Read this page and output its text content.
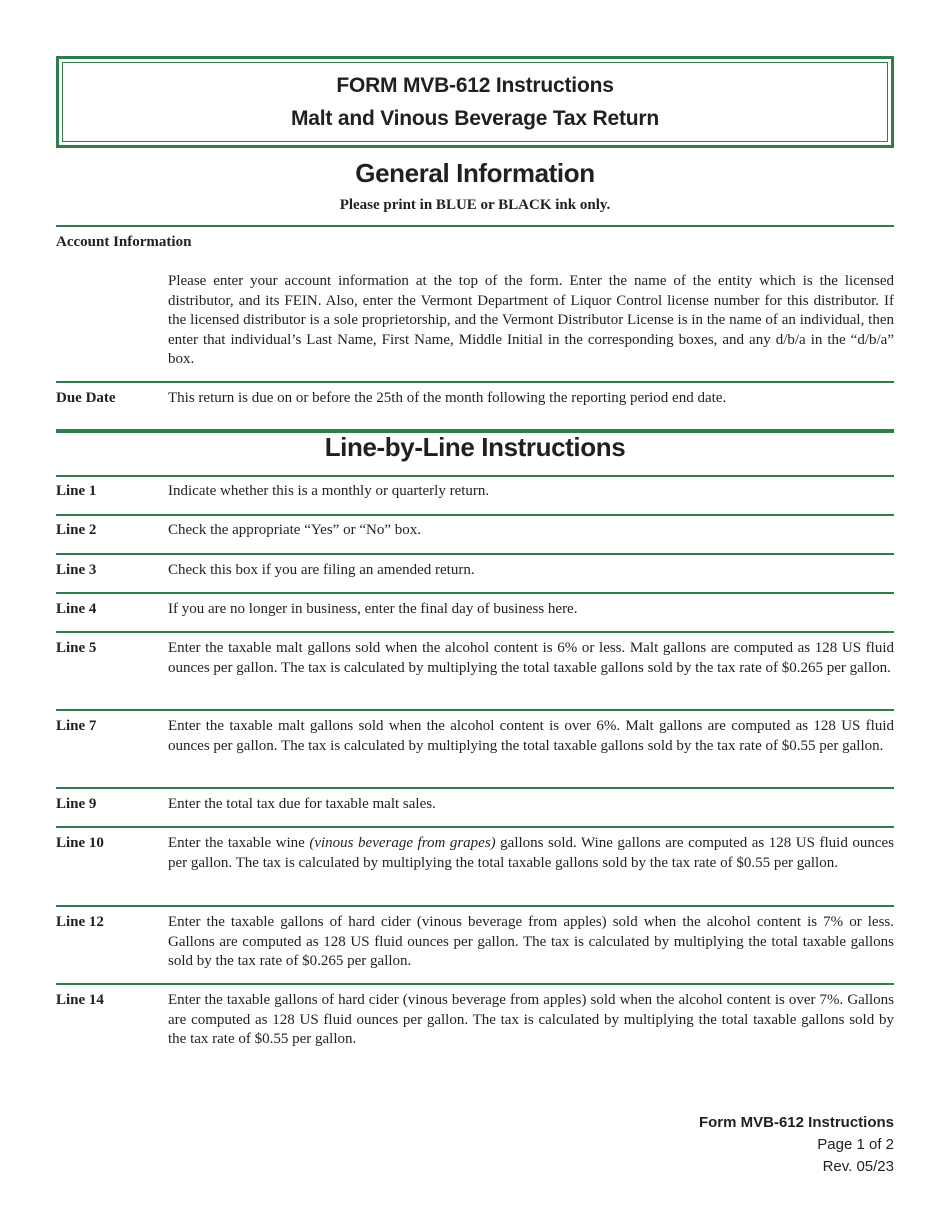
FORM MVB-612 Instructions
Malt and Vinous Beverage Tax Return
General Information
Please print in BLUE or BLACK ink only.
Account Information
Please enter your account information at the top of the form. Enter the name of the entity which is the licensed distributor, and its FEIN. Also, enter the Vermont Department of Liquor Control license number for this distributor. If the licensed distributor is a sole proprietorship, and the Vermont Distributor License is in the name of an individual, then enter that individual’s Last Name, First Name, Middle Initial in the corresponding boxes, and any d/b/a in the “d/b/a” box.
Due Date	This return is due on or before the 25th of the month following the reporting period end date.
Line-by-Line Instructions
Line 1	Indicate whether this is a monthly or quarterly return.
Line 2	Check the appropriate “Yes” or “No” box.
Line 3	Check this box if you are filing an amended return.
Line 4	If you are no longer in business, enter the final day of business here.
Line 5	Enter the taxable malt gallons sold when the alcohol content is 6% or less. Malt gallons are computed as 128 US fluid ounces per gallon. The tax is calculated by multiplying the total taxable gallons sold by the tax rate of $0.265 per gallon.
Line 7	Enter the taxable malt gallons sold when the alcohol content is over 6%. Malt gallons are computed as 128 US fluid ounces per gallon. The tax is calculated by multiplying the total taxable gallons sold by the tax rate of $0.55 per gallon.
Line 9	Enter the total tax due for taxable malt sales.
Line 10	Enter the taxable wine (vinous beverage from grapes) gallons sold. Wine gallons are computed as 128 US fluid ounces per gallon. The tax is calculated by multiplying the total taxable gallons sold by the tax rate of $0.55 per gallon.
Line 12	Enter the taxable gallons of hard cider (vinous beverage from apples) sold when the alcohol content is 7% or less. Gallons are computed as 128 US fluid ounces per gallon. The tax is calculated by multiplying the total taxable gallons sold by the tax rate of $0.265 per gallon.
Line 14	Enter the taxable gallons of hard cider (vinous beverage from apples) sold when the alcohol content is over 7%. Gallons are computed as 128 US fluid ounces per gallon. The tax is calculated by multiplying the total taxable gallons sold by the tax rate of $0.55 per gallon.
Form MVB-612 Instructions
Page 1 of 2
Rev. 05/23
